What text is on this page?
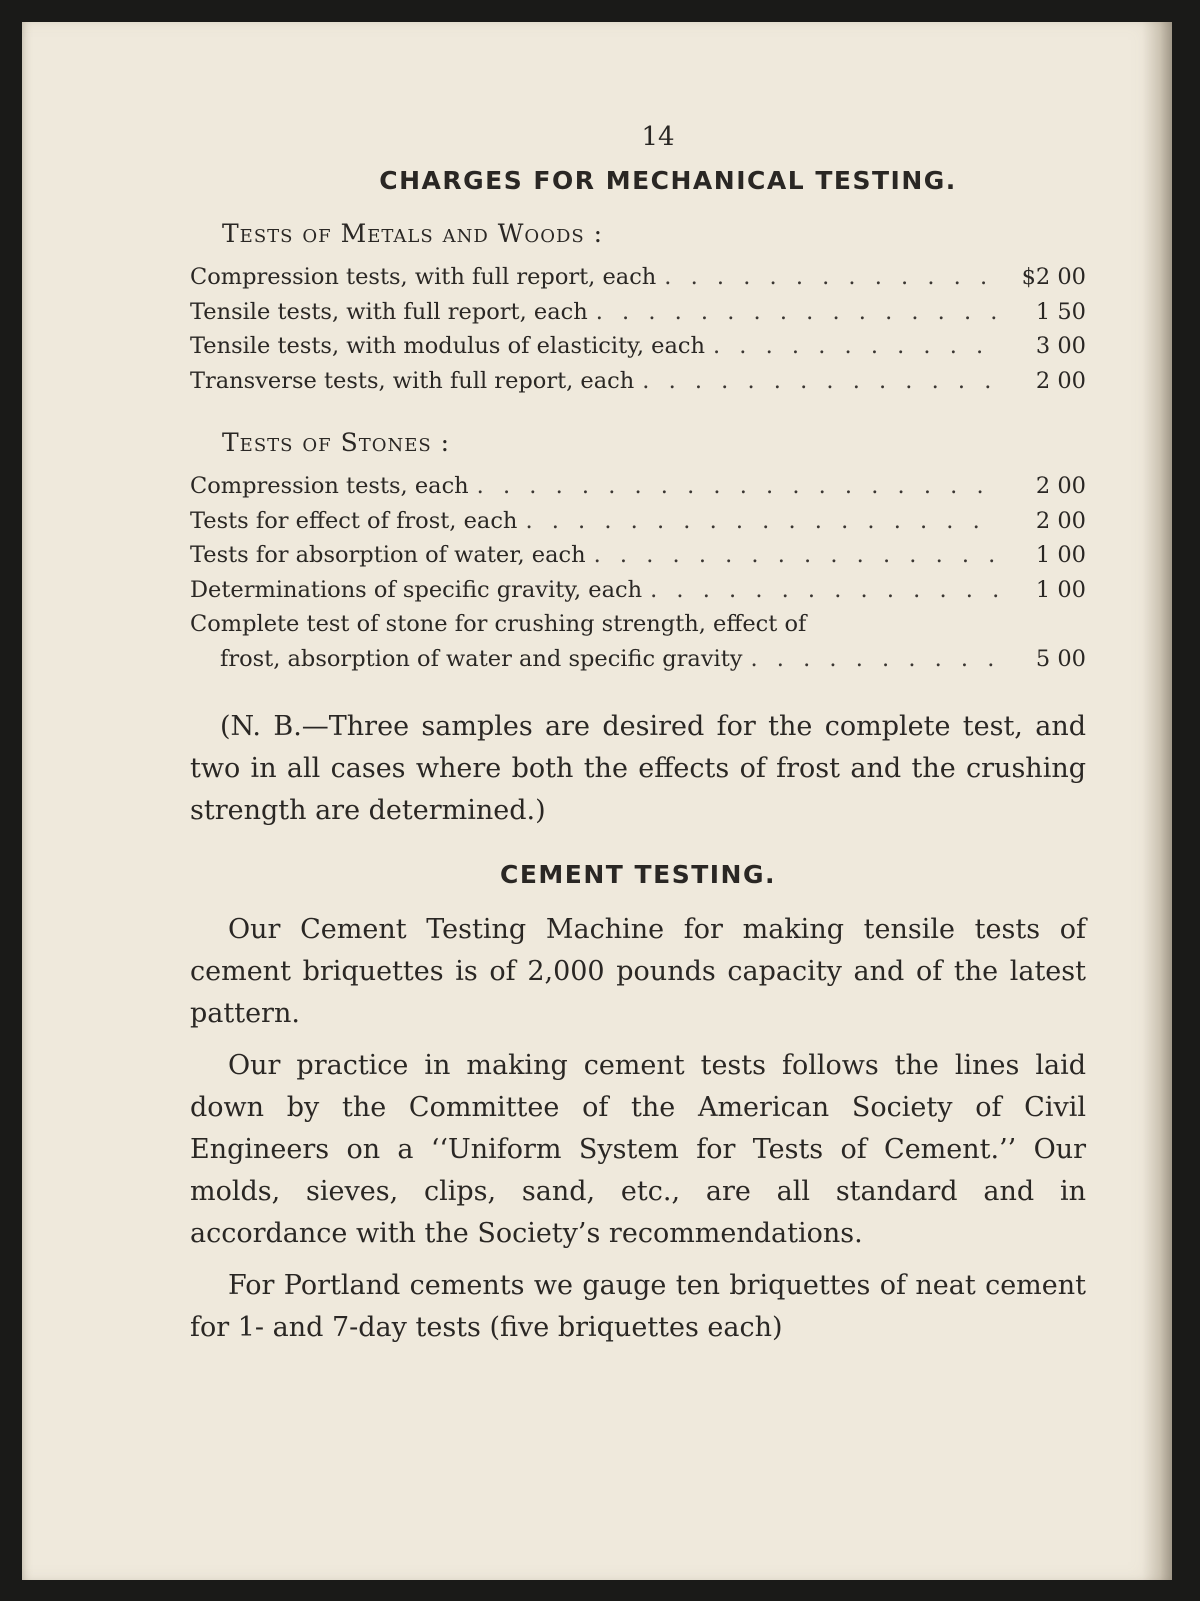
14
CHARGES FOR MECHANICAL TESTING.
Tests of Metals and Woods :
Compression tests, with full report, each . . .	$2 00
Tensile tests, with full report, each . . .	1 50
Tensile tests, with modulus of elasticity, each . . .	3 00
Transverse tests, with full report, each . . .	2 00
Tests of Stones :
Compression tests, each . . .	2 00
Tests for effect of frost, each . . .	2 00
Tests for absorption of water, each . . .	1 00
Determinations of specific gravity, each . . .	1 00
Complete test of stone for crushing strength, effect of
frost, absorption of water and specific gravity . . .	5 00

(N. B.—Three samples are desired for the complete test, and two in all cases where both the effects of frost and the crushing strength are determined.)

CEMENT TESTING.

Our Cement Testing Machine for making tensile tests of cement briquettes is of 2,000 pounds capacity and of the latest pattern.

Our practice in making cement tests follows the lines laid down by the Committee of the American Society of Civil Engineers on a ‘‘Uniform System for Tests of Cement.’’ Our molds, sieves, clips, sand, etc., are all standard and in accordance with the Society’s recommendations.

For Portland cements we gauge ten briquettes of neat cement for 1- and 7-day tests (five briquettes each)
